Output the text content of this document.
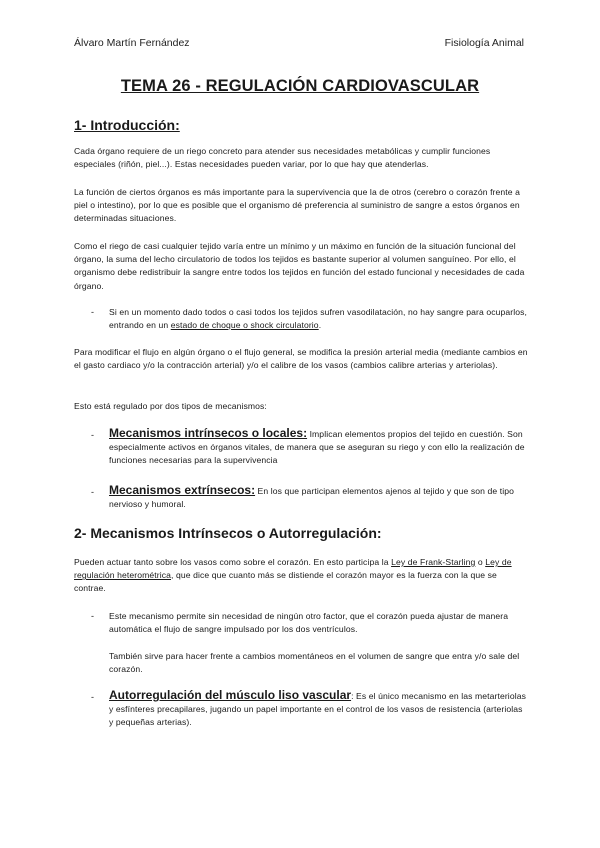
Álvaro Martín Fernández	Fisiología Animal
TEMA 26 - REGULACIÓN CARDIOVASCULAR
1- Introducción:

Cada órgano requiere de un riego concreto para atender sus necesidades metabólicas y cumplir funciones especiales (riñón, piel...). Estas necesidades pueden variar, por lo que hay que atenderlas.

La función de ciertos órganos es más importante para la supervivencia que la de otros (cerebro o corazón frente a piel o intestino), por lo que es posible que el organismo dé preferencia al suministro de sangre a estos órganos en determinadas situaciones.

Como el riego de casi cualquier tejido varía entre un mínimo y un máximo en función de la situación funcional del órgano, la suma del lecho circulatorio de todos los tejidos es bastante superior al volumen sanguíneo. Por ello, el organismo debe redistribuir la sangre entre todos los tejidos en función del estado funcional y necesidades de cada órgano.

- Si en un momento dado todos o casi todos los tejidos sufren vasodilatación, no hay sangre para ocuparlos, entrando en un estado de choque o shock circulatorio.

Para modificar el flujo en algún órgano o el flujo general, se modifica la presión arterial media (mediante cambios en el gasto cardiaco y/o la contracción arterial) y/o el calibre de los vasos (cambios calibre arterias y arteriolas).

Esto está regulado por dos tipos de mecanismos:

- Mecanismos intrínsecos o locales: Implican elementos propios del tejido en cuestión. Son especialmente activos en órganos vitales, de manera que se aseguran su riego y con ello la realización de funciones necesarias para la supervivencia

- Mecanismos extrínsecos: En los que participan elementos ajenos al tejido y que son de tipo nervioso y humoral.

2- Mecanismos Intrínsecos o Autorregulación:

Pueden actuar tanto sobre los vasos como sobre el corazón. En esto participa la Ley de Frank-Starling o Ley de regulación heterométrica, que dice que cuanto más se distiende el corazón mayor es la fuerza con la que se contrae.

- Este mecanismo permite sin necesidad de ningún otro factor, que el corazón pueda ajustar de manera automática el flujo de sangre impulsado por los dos ventrículos.

También sirve para hacer frente a cambios momentáneos en el volumen de sangre que entra y/o sale del corazón.

- Autorregulación del músculo liso vascular: Es el único mecanismo en las metarteriolas y esfínteres precapilares, jugando un papel importante en el control de los vasos de resistencia (arteriolas y pequeñas arterias).
